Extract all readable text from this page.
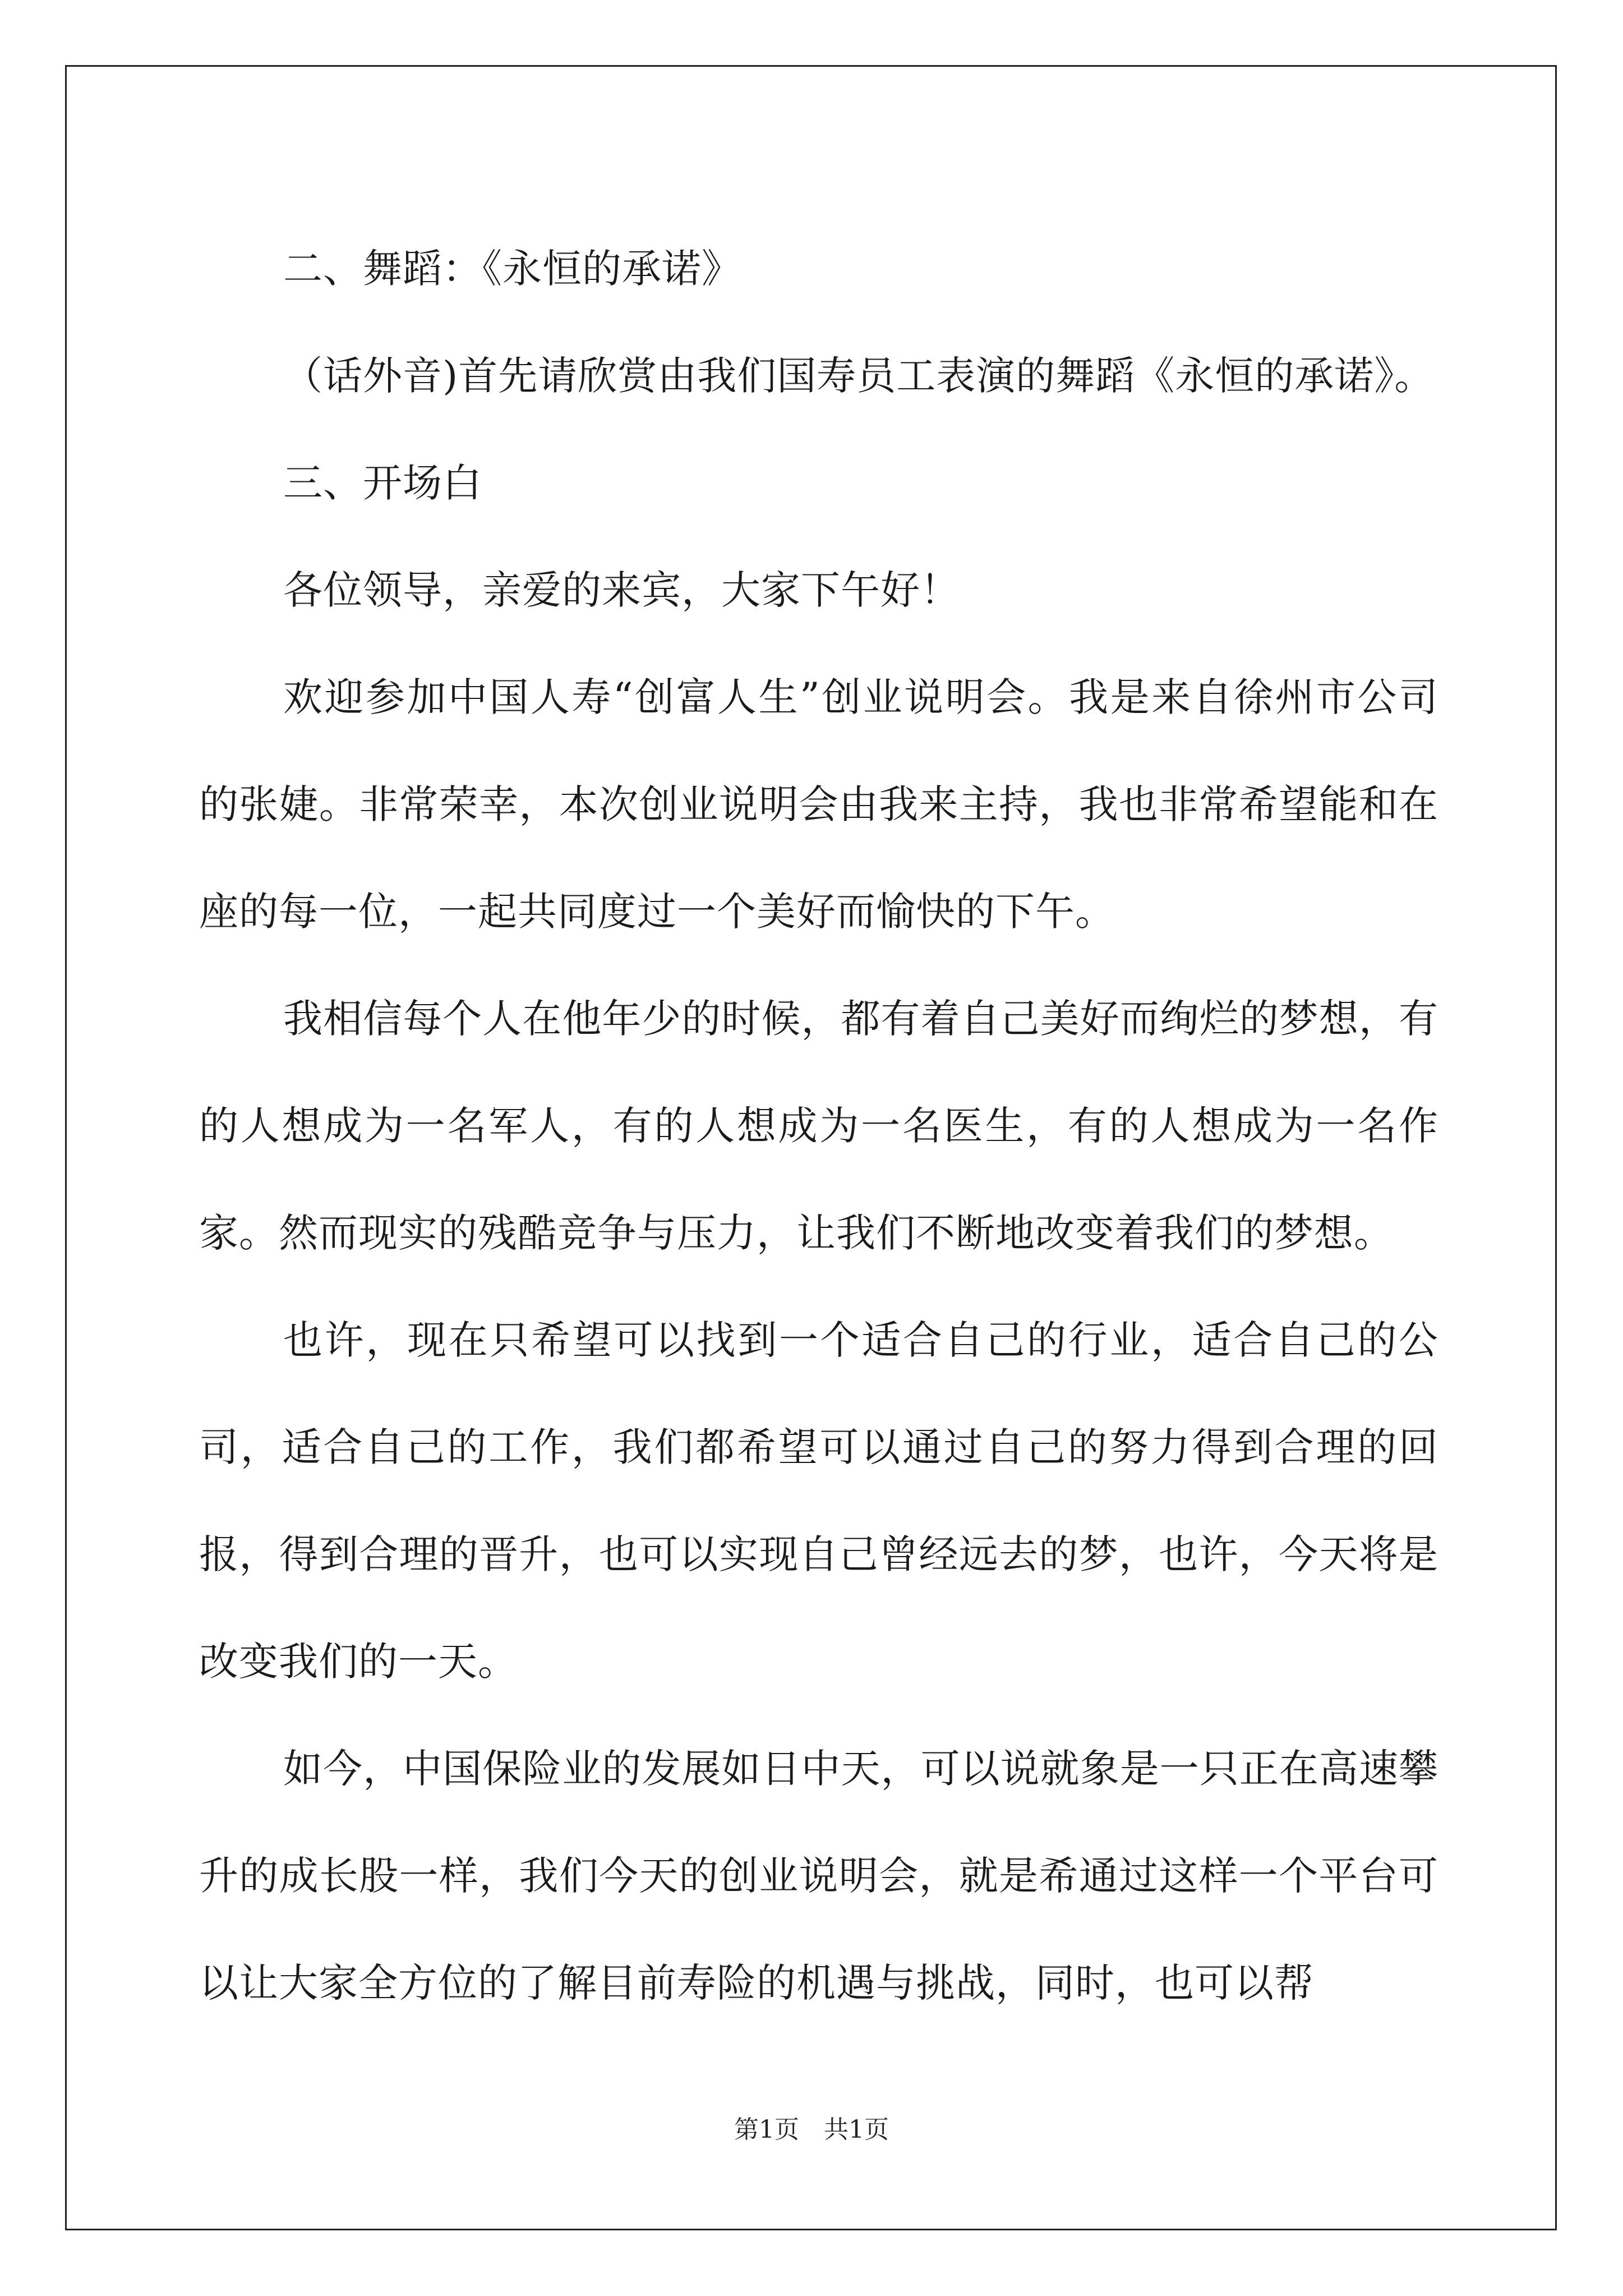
二、舞蹈：《永恒的承诺》

（话外音)首先请欣赏由我们国寿员工表演的舞蹈《永恒的承诺》。

三、开场白

各位领导，亲爱的来宾，大家下午好！

欢迎参加中国人寿“创富人生”创业说明会。我是来自徐州市公司的张婕。非常荣幸，本次创业说明会由我来主持，我也非常希望能和在座的每一位，一起共同度过一个美好而愉快的下午。

我相信每个人在他年少的时候，都有着自己美好而绚烂的梦想，有的人想成为一名军人，有的人想成为一名医生，有的人想成为一名作家。然而现实的残酷竞争与压力，让我们不断地改变着我们的梦想。

也许，现在只希望可以找到一个适合自己的行业，适合自己的公司，适合自己的工作，我们都希望可以通过自己的努力得到合理的回报，得到合理的晋升，也可以实现自己曾经远去的梦，也许，今天将是改变我们的一天。

如今，中国保险业的发展如日中天，可以说就象是一只正在高速攀升的成长股一样，我们今天的创业说明会，就是希通过这样一个平台可以让大家全方位的了解目前寿险的机遇与挑战，同时，也可以帮

第1页　共1页
